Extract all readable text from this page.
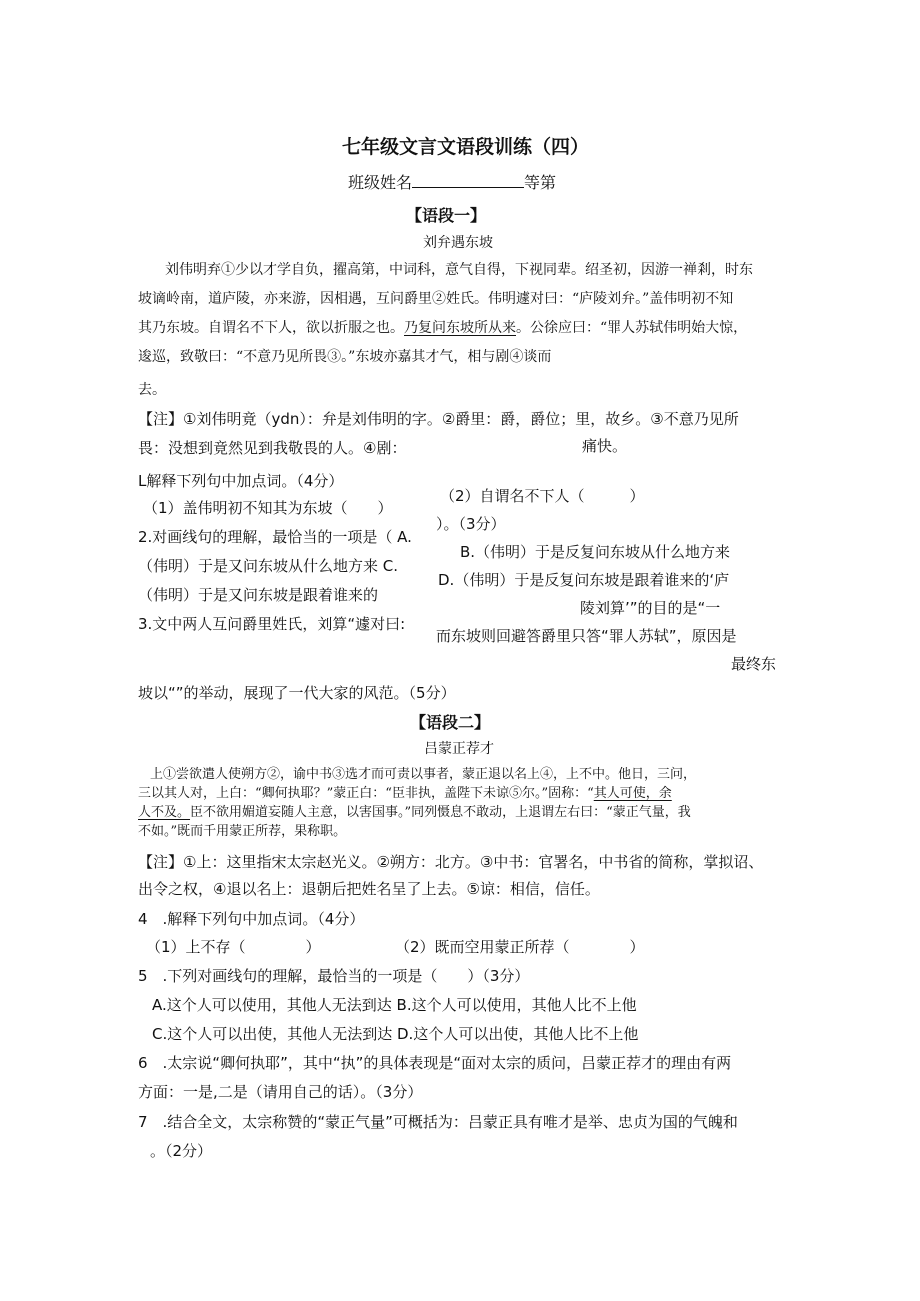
七年级文言文语段训练（四）
班级姓名	等第
【语段一】
刘弁遇东坡
刘伟明弃①少以才学自负，擢高第，中词科，意气自得，下视同辈。绍圣初，因游一禅剎，时东
坡谪岭南，道庐陵，亦来游，因相遇，互问爵里②姓氏。伟明遽对曰：“庐陵刘弁。”盖伟明初不知
其乃东坡。自谓名不下人，欲以折服之也。乃复问东坡所从来。公徐应曰：“罪人苏轼伟明始大惊，
逡巡，致敬曰：“不意乃见所畏③。”东坡亦嘉其才气，相与剧④谈而
去。
【注】①刘伟明竟（ydn）：弁是刘伟明的字。②爵里：爵，爵位；里，故乡。③不意乃见所
畏：没想到竟然见到我敬畏的人。④剧：	痛快。
L解释下列句中加点词。（4分）
（1）盖伟明初不知其为东坡（　　）
（2）自谓名不下人（　　　）
2.对画线句的理解，最恰当的一项是（ A.
）。（3分）
（伟明）于是又问东坡从什么地方来 C.
B.（伟明）于是反复问东坡从什么地方来
（伟明）于是又问东坡是跟着谁来的
D.（伟明）于是反复问东坡是跟着谁来的‘庐
陵刘算’”的目的是“一
3.文中两人互问爵里姓氏，刘算“遽对曰:
而东坡则回避答爵里只答“罪人苏轼”，原因是
最终东
坡以“”的举动，展现了一代大家的风范。（5分）
【语段二】
吕蒙正荐才
上①尝欲遣人使朔方②，谕中书③选才而可责以事者，蒙正退以名上④，上不中。他日，三问，
三以其人对，上白：“卿何执耶？”蒙正白：“臣非执，盖陛下未谅⑤尔。”固称：“其人可使，余
人不及。臣不欲用媚道妄随人主意，以害国事。”同列慑息不敢动，上退谓左右曰：“蒙正气量，我
不如。”既而千用蒙正所荐，果称职。
【注】①上：这里指宋太宗赵光义。②朔方：北方。③中书：官署名，中书省的简称，掌拟诏、
出令之权，④退以名上：退朝后把姓名呈了上去。⑤谅：相信，信任。
4　.解释下列句中加点词。（4分）
（1）上不存（　　　　）	（2）既而空用蒙正所荐（　　　　）
5　.下列对画线句的理解，最恰当的一项是（　　）（3分）
A.这个人可以使用，其他人无法到达 B.这个人可以使用，其他人比不上他
C.这个人可以出使，其他人无法到达 D.这个人可以出使，其他人比不上他
6　.太宗说“卿何执耶”，其中“执”的具体表现是“面对太宗的质问，吕蒙正荐才的理由有两
方面：一是,二是（请用自己的话）。（3分）
7　.结合全文，太宗称赞的“蒙正气量”可概括为：吕蒙正具有唯才是举、忠贞为国的气魄和
。（2分）
